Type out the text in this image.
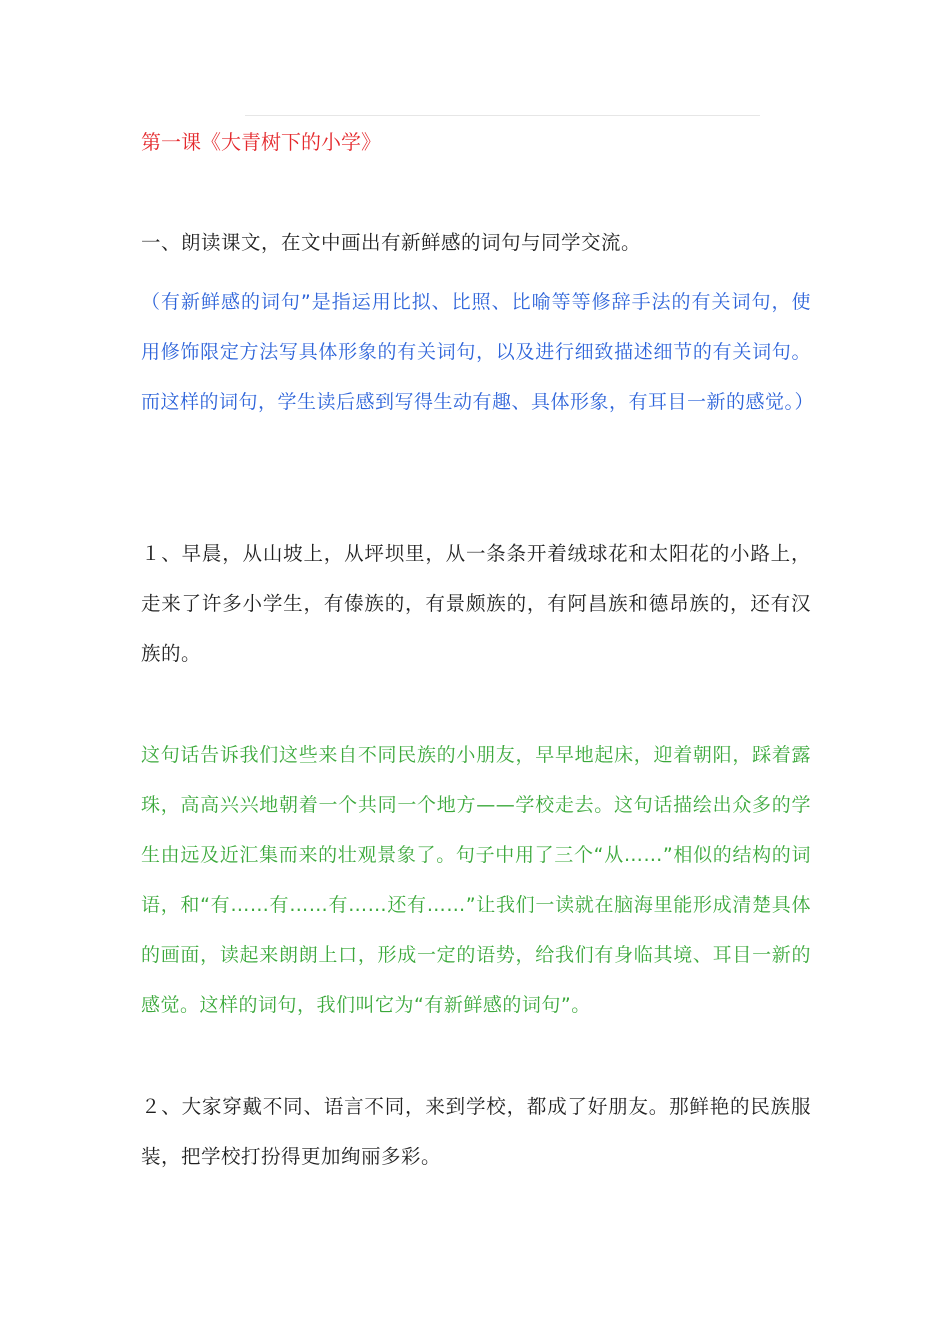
第一课《大青树下的小学》

一、朗读课文，在文中画出有新鲜感的词句与同学交流。

（有新鲜感的词句”是指运用比拟、比照、比喻等等修辞手法的有关词句，使用修饰限定方法写具体形象的有关词句，以及进行细致描述细节的有关词句。而这样的词句，学生读后感到写得生动有趣、具体形象，有耳目一新的感觉。）

１、早晨，从山坡上，从坪坝里，从一条条开着绒球花和太阳花的小路上，走来了许多小学生，有傣族的，有景颇族的，有阿昌族和德昂族的，还有汉族的。

这句话告诉我们这些来自不同民族的小朋友，早早地起床，迎着朝阳，踩着露珠，高高兴兴地朝着一个共同一个地方——学校走去。这句话描绘出众多的学生由远及近汇集而来的壮观景象了。句子中用了三个“从……”相似的结构的词语，和“有……有……有……还有……”让我们一读就在脑海里能形成清楚具体的画面，读起来朗朗上口，形成一定的语势，给我们有身临其境、耳目一新的感觉。这样的词句，我们叫它为“有新鲜感的词句”。

２、大家穿戴不同、语言不同，来到学校，都成了好朋友。那鲜艳的民族服装，把学校打扮得更加绚丽多彩。
